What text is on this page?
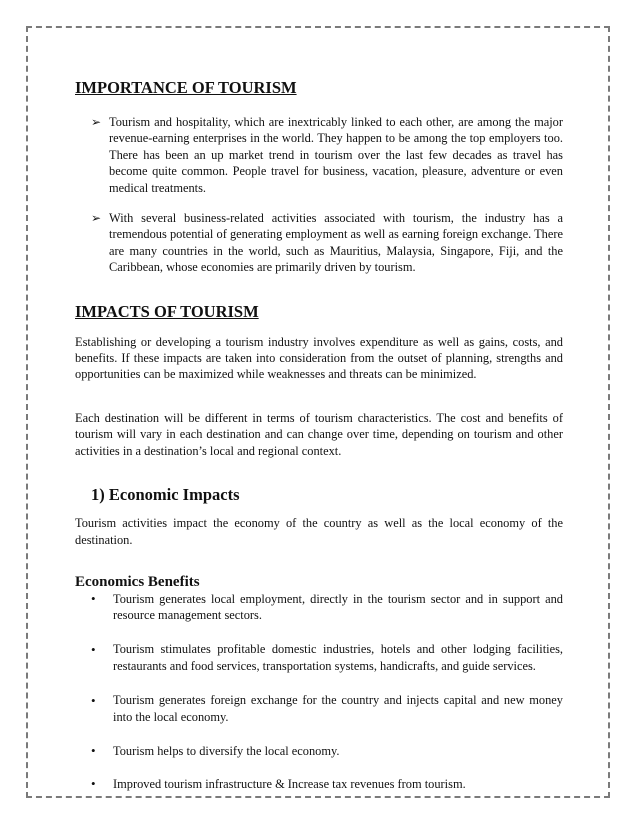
IMPORTANCE OF TOURISM
➢ Tourism and hospitality, which are inextricably linked to each other, are among the major revenue-earning enterprises in the world. They happen to be among the top employers too. There has been an up market trend in tourism over the last few decades as travel has become quite common. People travel for business, vacation, pleasure, adventure or even medical treatments.
➢ With several business-related activities associated with tourism, the industry has a tremendous potential of generating employment as well as earning foreign exchange. There are many countries in the world, such as Mauritius, Malaysia, Singapore, Fiji, and the Caribbean, whose economies are primarily driven by tourism.
IMPACTS OF TOURISM

Establishing or developing a tourism industry involves expenditure as well as gains, costs, and benefits. If these impacts are taken into consideration from the outset of planning, strengths and opportunities can be maximized while weaknesses and threats can be minimized.

Each destination will be different in terms of tourism characteristics. The cost and benefits of tourism will vary in each destination and can change over time, depending on tourism and other activities in a destination’s local and regional context.

1) Economic Impacts

Tourism activities impact the economy of the country as well as the local economy of the destination.

Economics Benefits
• Tourism generates local employment, directly in the tourism sector and in support and resource management sectors.
• Tourism stimulates profitable domestic industries, hotels and other lodging facilities, restaurants and food services, transportation systems, handicrafts, and guide services.
• Tourism generates foreign exchange for the country and injects capital and new money into the local economy.
• Tourism helps to diversify the local economy.
• Improved tourism infrastructure & Increase tax revenues from tourism.
